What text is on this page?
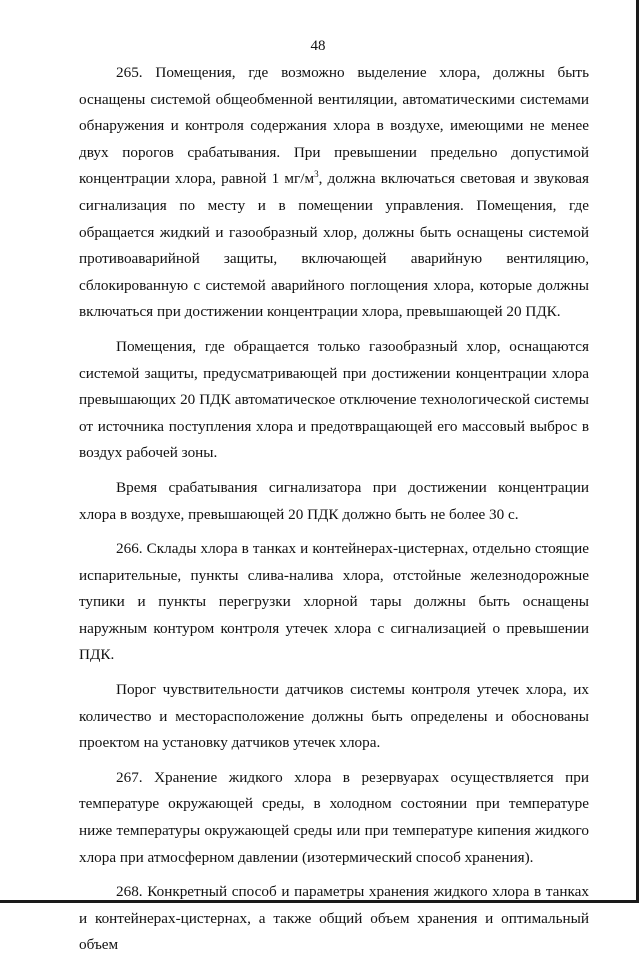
48

265. Помещения, где возможно выделение хлора, должны быть оснащены системой общеобменной вентиляции, автоматическими системами обнаружения и контроля содержания хлора в воздухе, имеющими не менее двух порогов срабатывания. При превышении предельно допустимой концентрации хлора, равной 1 $мг/м^3$, должна включаться световая и звуковая сигнализация по месту и в помещении управления. Помещения, где обращается жидкий и газообразный хлор, должны быть оснащены системой противоаварийной защиты, включающей аварийную вентиляцию, сблокированную с системой аварийного поглощения хлора, которые должны включаться при достижении концентрации хлора, превышающей 20 ПДК.

Помещения, где обращается только газообразный хлор, оснащаются системой защиты, предусматривающей при достижении концентрации хлора превышающих 20 ПДК автоматическое отключение технологической системы от источника поступления хлора и предотвращающей его массовый выброс в воздух рабочей зоны.

Время срабатывания сигнализатора при достижении концентрации хлора в воздухе, превышающей 20 ПДК должно быть не более 30 с.

266. Склады хлора в танках и контейнерах-цистернах, отдельно стоящие испарительные, пункты слива-налива хлора, отстойные железнодорожные тупики и пункты перегрузки хлорной тары должны быть оснащены наружным контуром контроля утечек хлора с сигнализацией о превышении ПДК.

Порог чувствительности датчиков системы контроля утечек хлора, их количество и месторасположение должны быть определены и обоснованы проектом на установку датчиков утечек хлора.

267. Хранение жидкого хлора в резервуарах осуществляется при температуре окружающей среды, в холодном состоянии при температуре ниже температуры окружающей среды или при температуре кипения жидкого хлора при атмосферном давлении (изотермический способ хранения).

268. Конкретный способ и параметры хранения жидкого хлора в танках и контейнерах-цистернах, а также общий объем хранения и оптимальный объем
